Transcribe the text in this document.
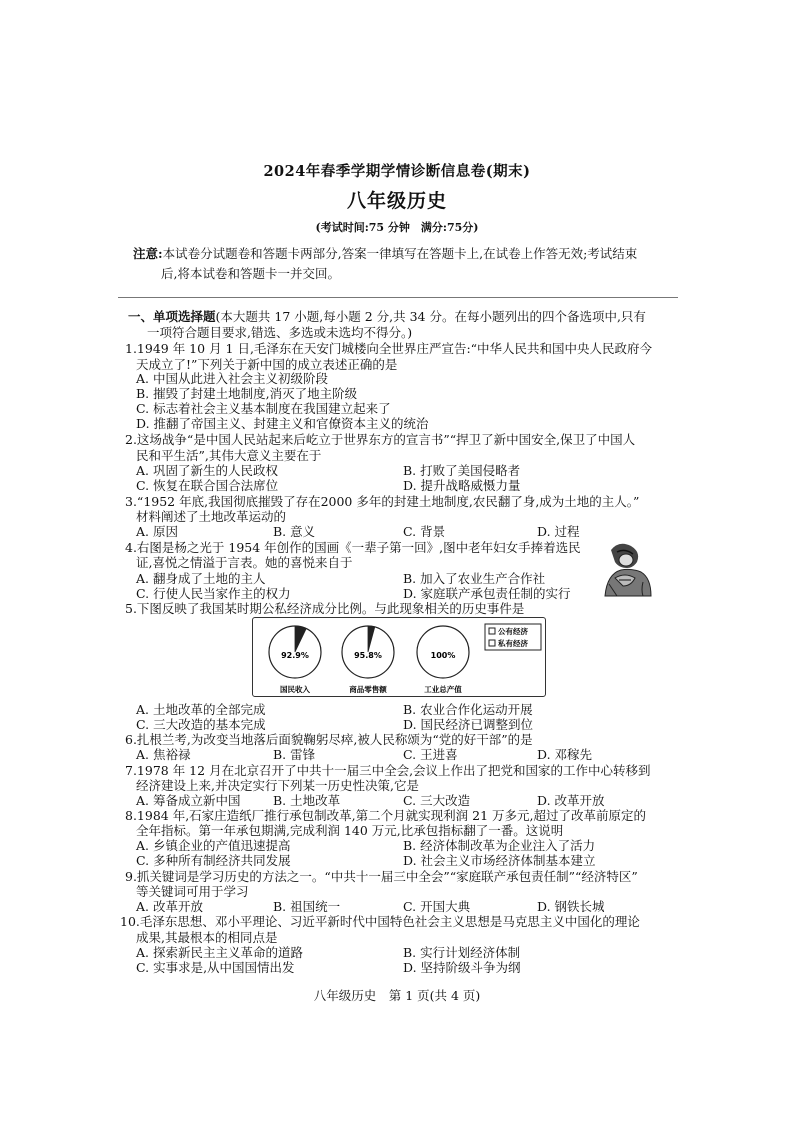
2024年春季学期学情诊断信息卷(期末)
八年级历史
(考试时间:75 分钟　满分:75分)
注意:本试卷分试题卷和答题卡两部分,答案一律填写在答题卡上,在试卷上作答无效;考试结束
后,将本试卷和答题卡一并交回。
一、单项选择题(本大题共 17 小题,每小题 2 分,共 34 分。在每小题列出的四个备选项中,只有
一项符合题目要求,错选、多选或未选均不得分。)
1.1949 年 10 月 1 日,毛泽东在天安门城楼向全世界庄严宣告:“中华人民共和国中央人民政府今
天成立了!”下列关于新中国的成立表述正确的是
A. 中国从此进入社会主义初级阶段
B. 摧毁了封建土地制度,消灭了地主阶级
C. 标志着社会主义基本制度在我国建立起来了
D. 推翻了帝国主义、封建主义和官僚资本主义的统治
2.这场战争“是中国人民站起来后屹立于世界东方的宣言书”“捍卫了新中国安全,保卫了中国人
民和平生活”,其伟大意义主要在于
A. 巩固了新生的人民政权	B. 打败了美国侵略者
C. 恢复在联合国合法席位	D. 提升战略威慑力量
3.“1952 年底,我国彻底摧毁了存在2000 多年的封建土地制度,农民翻了身,成为土地的主人。”
材料阐述了土地改革运动的
A. 原因	B. 意义	C. 背景	D. 过程
4.右图是杨之光于 1954 年创作的国画《一辈子第一回》,图中老年妇女手捧着选民
证,喜悦之情溢于言表。她的喜悦来自于
A. 翻身成了土地的主人	B. 加入了农业生产合作社
C. 行使人民当家作主的权力	D. 家庭联产承包责任制的实行
5.下图反映了我国某时期公私经济成分比例。与此现象相关的历史事件是
92.9%
国民收入
95.8%
商品零售额
100%
工业总产值
公有经济
私有经济
A. 土地改革的全部完成	B. 农业合作化运动开展
C. 三大改造的基本完成	D. 国民经济已调整到位
6.扎根兰考,为改变当地落后面貌鞠躬尽瘁,被人民称颂为“党的好干部”的是
A. 焦裕禄	B. 雷锋	C. 王进喜	D. 邓稼先
7.1978 年 12 月在北京召开了中共十一届三中全会,会议上作出了把党和国家的工作中心转移到
经济建设上来,并决定实行下列某一历史性决策,它是
A. 筹备成立新中国	B. 土地改革	C. 三大改造	D. 改革开放
8.1984 年,石家庄造纸厂推行承包制改革,第二个月就实现利润 21 万多元,超过了改革前原定的
全年指标。第一年承包期满,完成利润 140 万元,比承包指标翻了一番。这说明
A. 乡镇企业的产值迅速提高	B. 经济体制改革为企业注入了活力
C. 多种所有制经济共同发展	D. 社会主义市场经济体制基本建立
9.抓关键词是学习历史的方法之一。“中共十一届三中全会”“家庭联产承包责任制”“经济特区”
等关键词可用于学习
A. 改革开放	B. 祖国统一	C. 开国大典	D. 钢铁长城
10.毛泽东思想、邓小平理论、习近平新时代中国特色社会主义思想是马克思主义中国化的理论
成果,其最根本的相同点是
A. 探索新民主主义革命的道路	B. 实行计划经济体制
C. 实事求是,从中国国情出发	D. 坚持阶级斗争为纲
八年级历史　第 1 页(共 4 页)
